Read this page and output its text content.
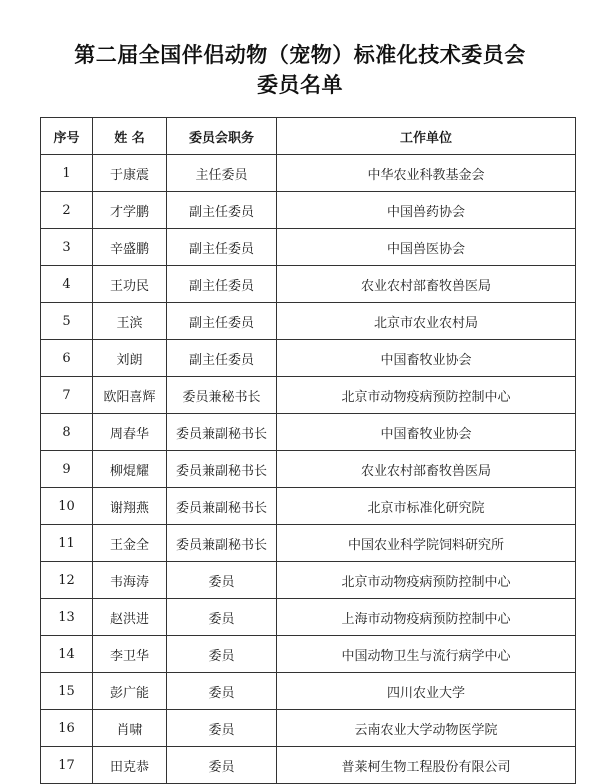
第二届全国伴侣动物（宠物）标准化技术委员会
委员名单
序号	姓 名	委员会职务	工作单位
1	于康震	主任委员	中华农业科教基金会
2	才学鹏	副主任委员	中国兽药协会
3	辛盛鹏	副主任委员	中国兽医协会
4	王功民	副主任委员	农业农村部畜牧兽医局
5	王滨	副主任委员	北京市农业农村局
6	刘朗	副主任委员	中国畜牧业协会
7	欧阳喜辉	委员兼秘书长	北京市动物疫病预防控制中心
8	周春华	委员兼副秘书长	中国畜牧业协会
9	柳焜耀	委员兼副秘书长	农业农村部畜牧兽医局
10	谢翔燕	委员兼副秘书长	北京市标准化研究院
11	王金全	委员兼副秘书长	中国农业科学院饲料研究所
12	韦海涛	委员	北京市动物疫病预防控制中心
13	赵洪进	委员	上海市动物疫病预防控制中心
14	李卫华	委员	中国动物卫生与流行病学中心
15	彭广能	委员	四川农业大学
16	肖啸	委员	云南农业大学动物医学院
17	田克恭	委员	普莱柯生物工程股份有限公司
